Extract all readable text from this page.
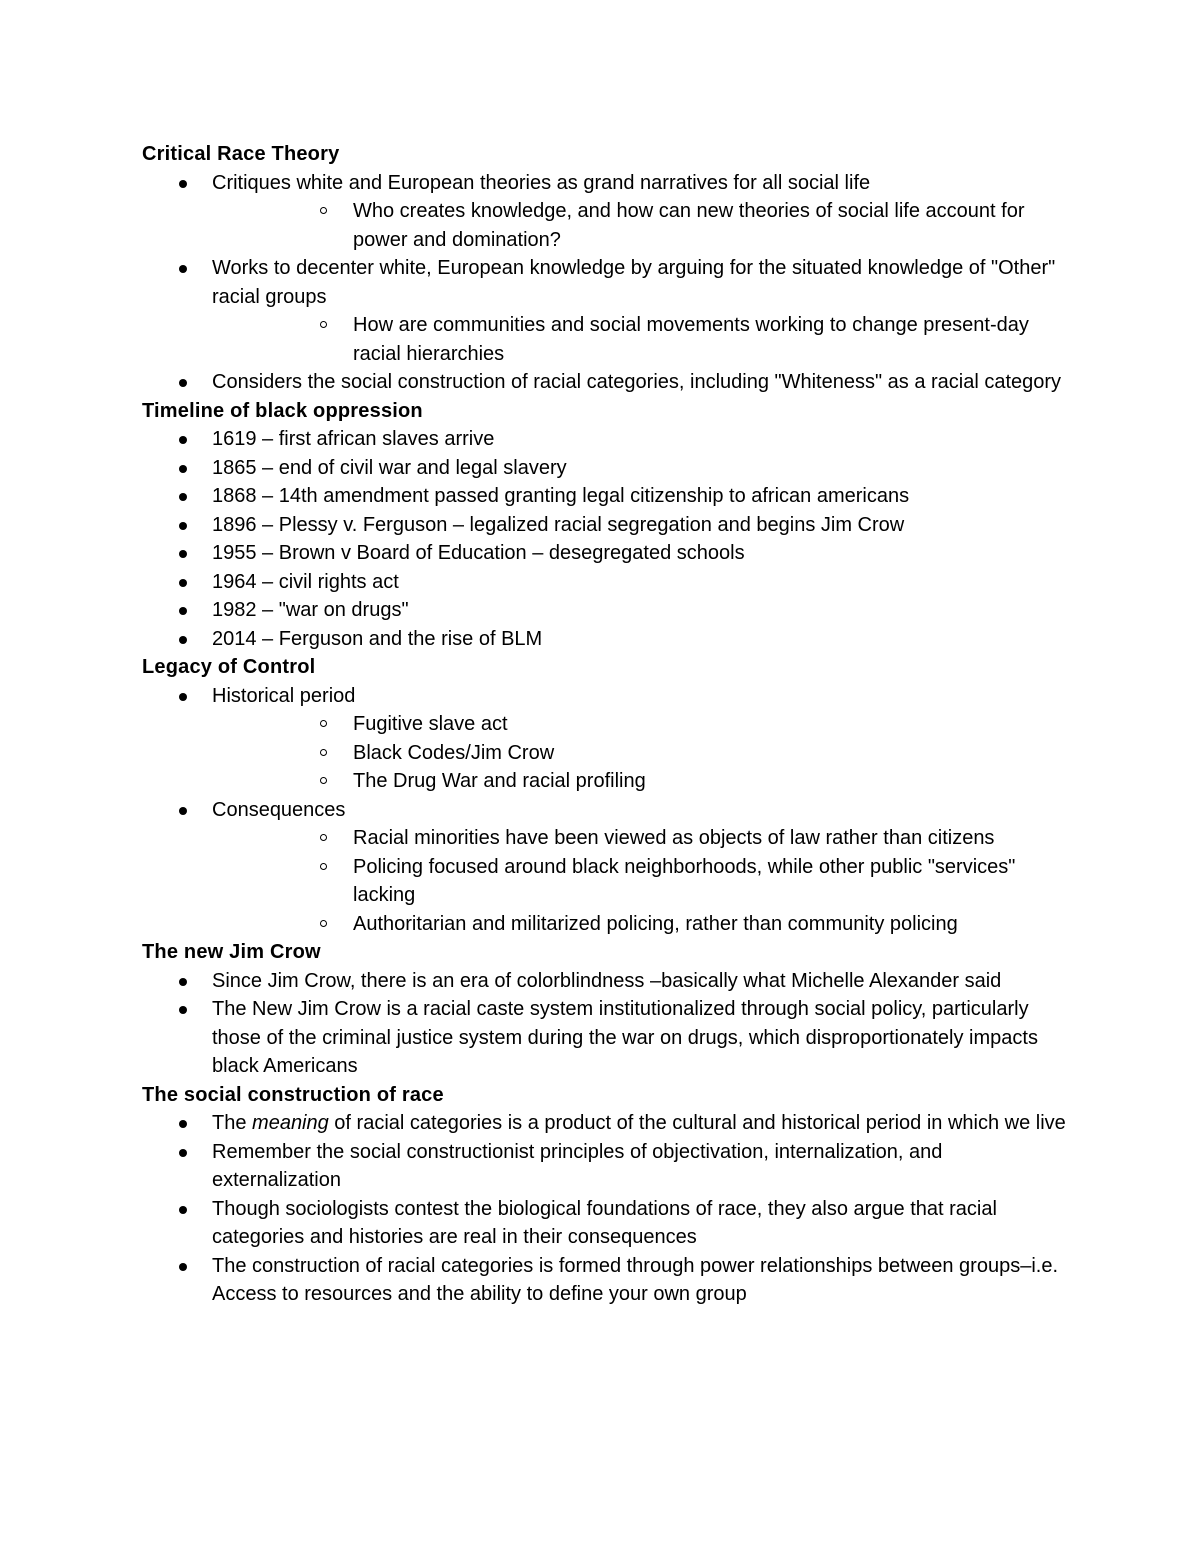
Critical Race Theory
Critiques white and European theories as grand narratives for all social life
Who creates knowledge, and how can new theories of social life account for power and domination?
Works to decenter white, European knowledge by arguing for the situated knowledge of "Other" racial groups
How are communities and social movements working to change present-day racial hierarchies
Considers the social construction of racial categories, including "Whiteness" as a racial category
Timeline of black oppression
1619 – first african slaves arrive
1865 – end of civil war and legal slavery
1868 – 14th amendment passed granting legal citizenship to african americans
1896 – Plessy v. Ferguson – legalized racial segregation and begins Jim Crow
1955 – Brown v Board of Education – desegregated schools
1964 – civil rights act
1982 – "war on drugs"
2014 – Ferguson and the rise of BLM
Legacy of Control
Historical period
Fugitive slave act
Black Codes/Jim Crow
The Drug War and racial profiling
Consequences
Racial minorities have been viewed as objects of law rather than citizens
Policing focused around black neighborhoods, while other public "services" lacking
Authoritarian and militarized policing, rather than community policing
The new Jim Crow
Since Jim Crow, there is an era of colorblindness –basically what Michelle Alexander said
The New Jim Crow is a racial caste system institutionalized through social policy, particularly those of the criminal justice system during the war on drugs, which disproportionately impacts black Americans
The social construction of race
The meaning of racial categories is a product of the cultural and historical period in which we live
Remember the social constructionist principles of objectivation, internalization, and externalization
Though sociologists contest the biological foundations of race, they also argue that racial categories and histories are real in their consequences
The construction of racial categories is formed through power relationships between groups–i.e. Access to resources and the ability to define your own group
